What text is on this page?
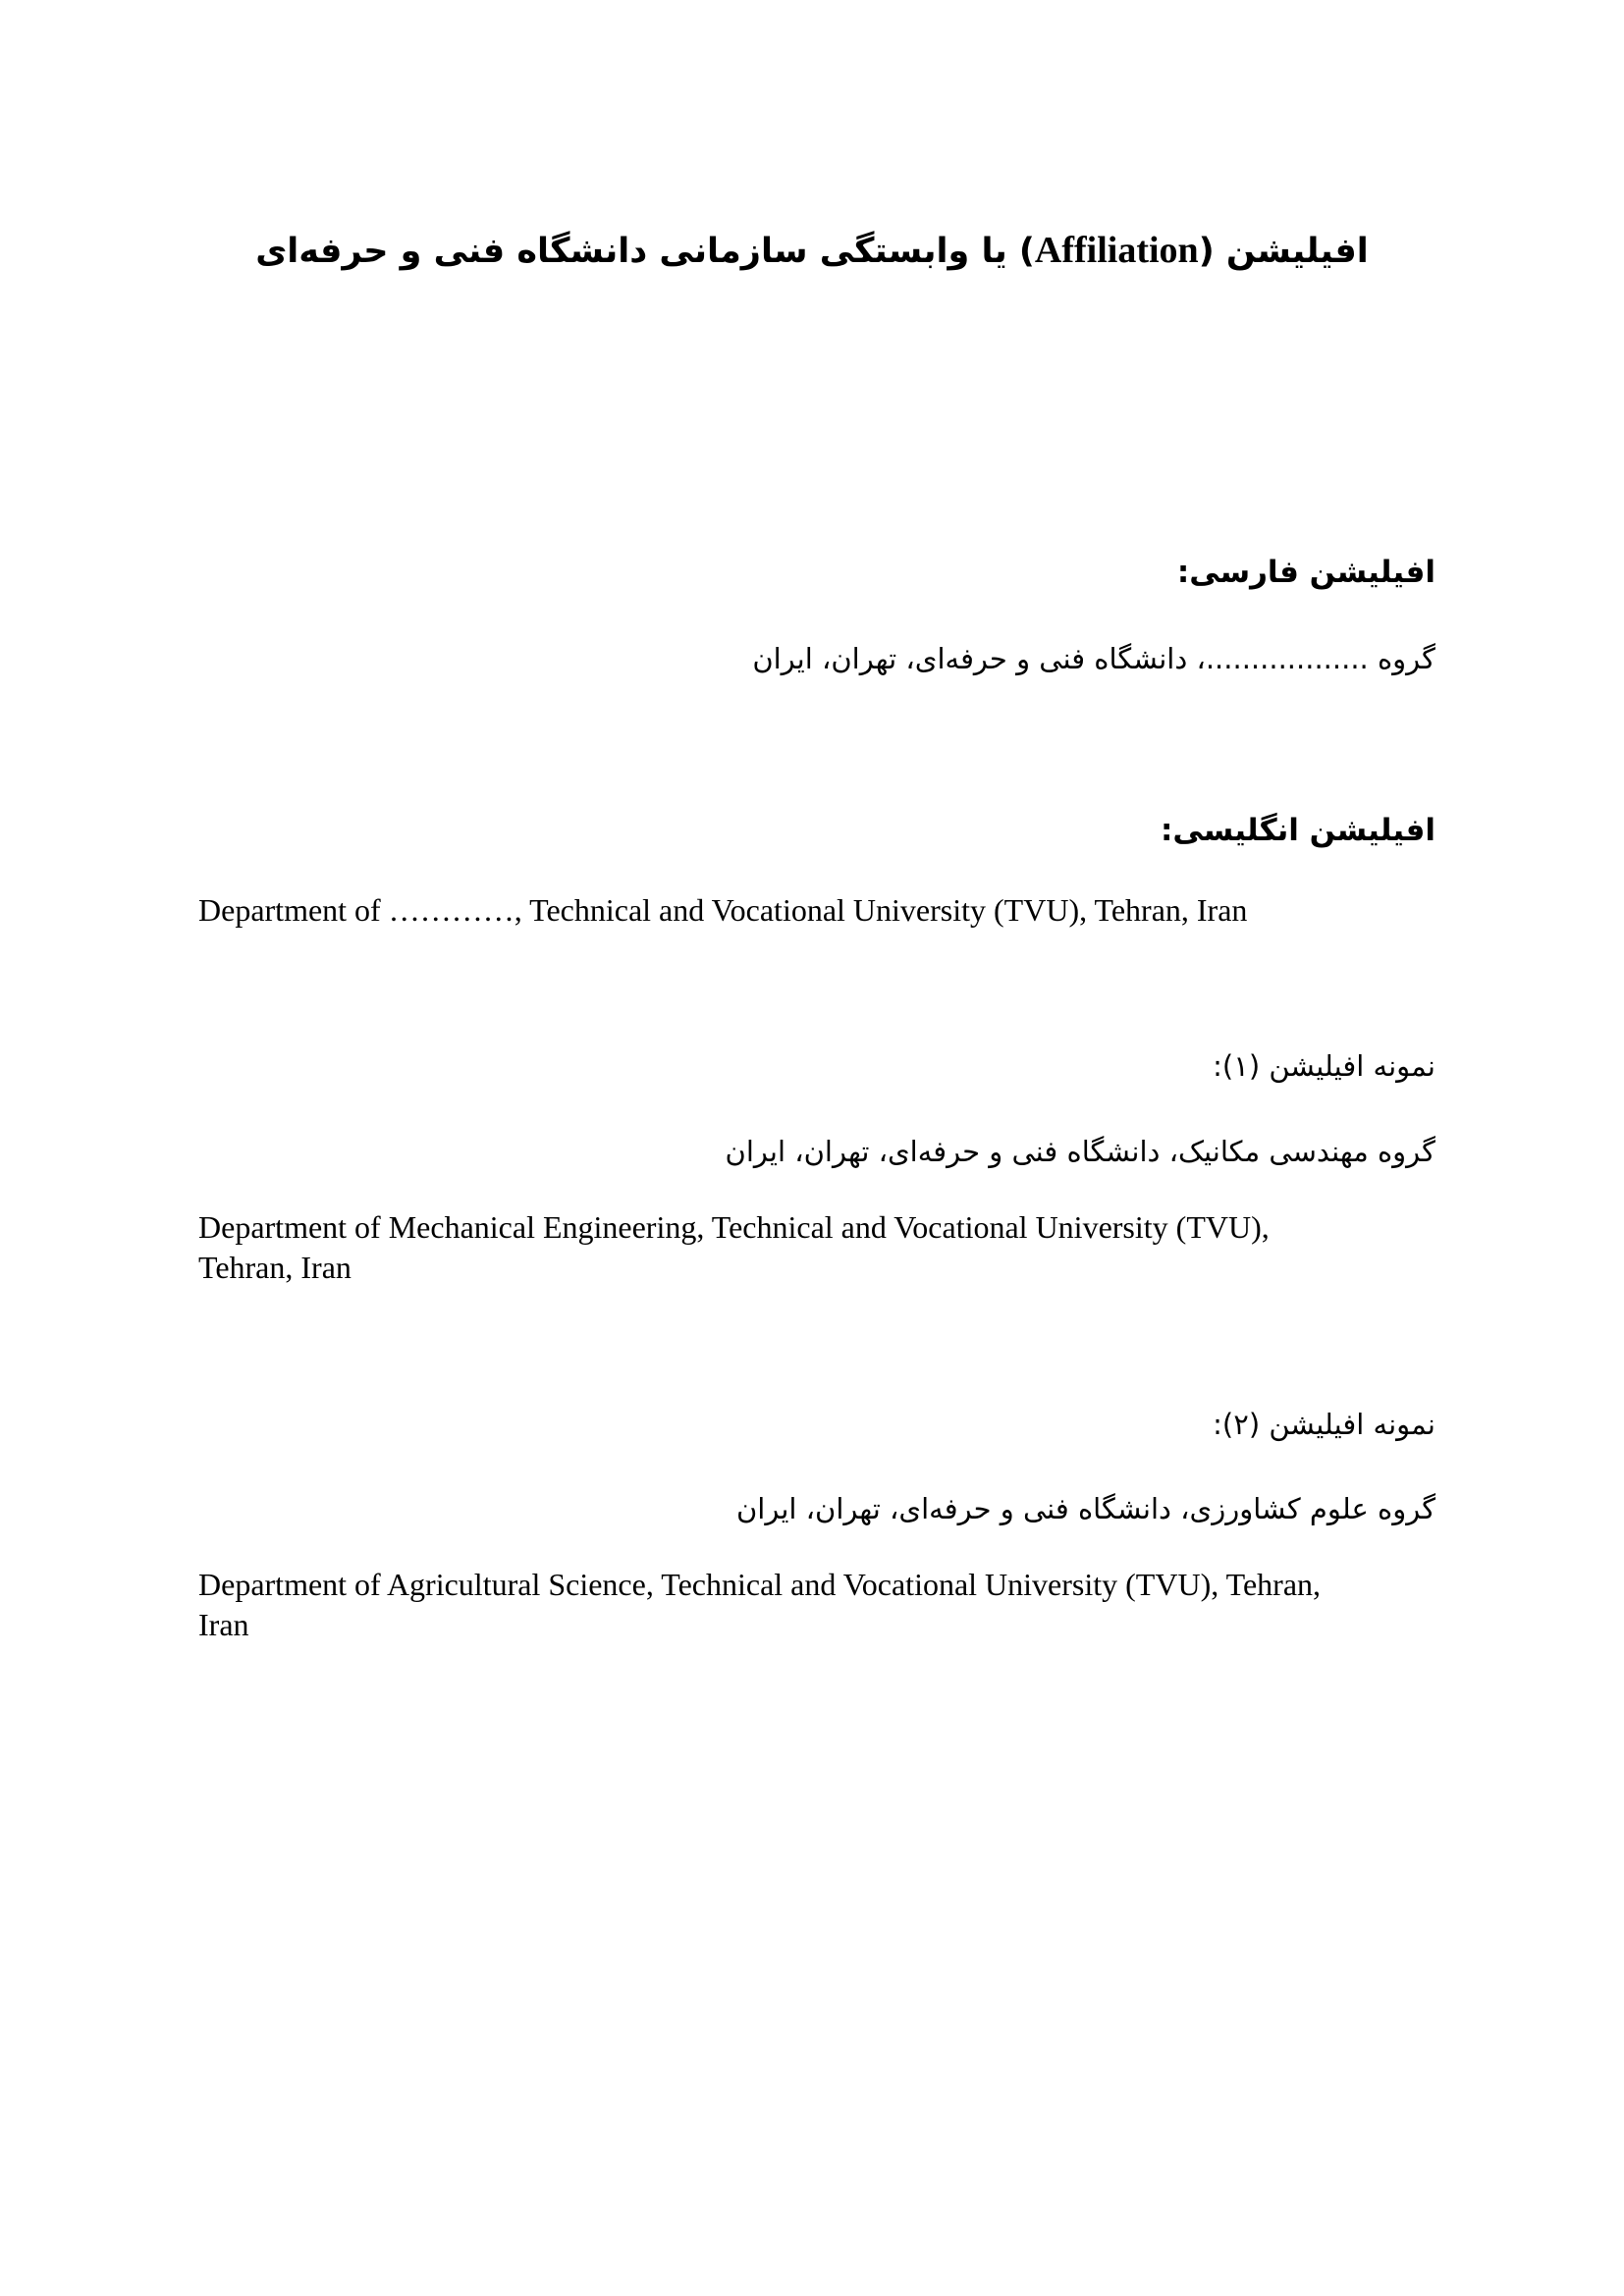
افیلیشن (Affiliation) یا وابستگی سازمانی دانشگاه فنی و حرفه‌ای
افیلیشن فارسی:
گروه ..................، دانشگاه فنی و حرفه‌ای، تهران، ایران
افیلیشن انگلیسی:
Department of …………, Technical and Vocational University (TVU), Tehran, Iran
نمونه افیلیشن (۱):
گروه مهندسی مکانیک، دانشگاه فنی و حرفه‌ای، تهران، ایران
Department of Mechanical Engineering, Technical and Vocational University (TVU),
Tehran, Iran
نمونه افیلیشن (۲):
گروه علوم کشاورزی، دانشگاه فنی و حرفه‌ای، تهران، ایران
Department of Agricultural Science, Technical and Vocational University (TVU), Tehran,
Iran
